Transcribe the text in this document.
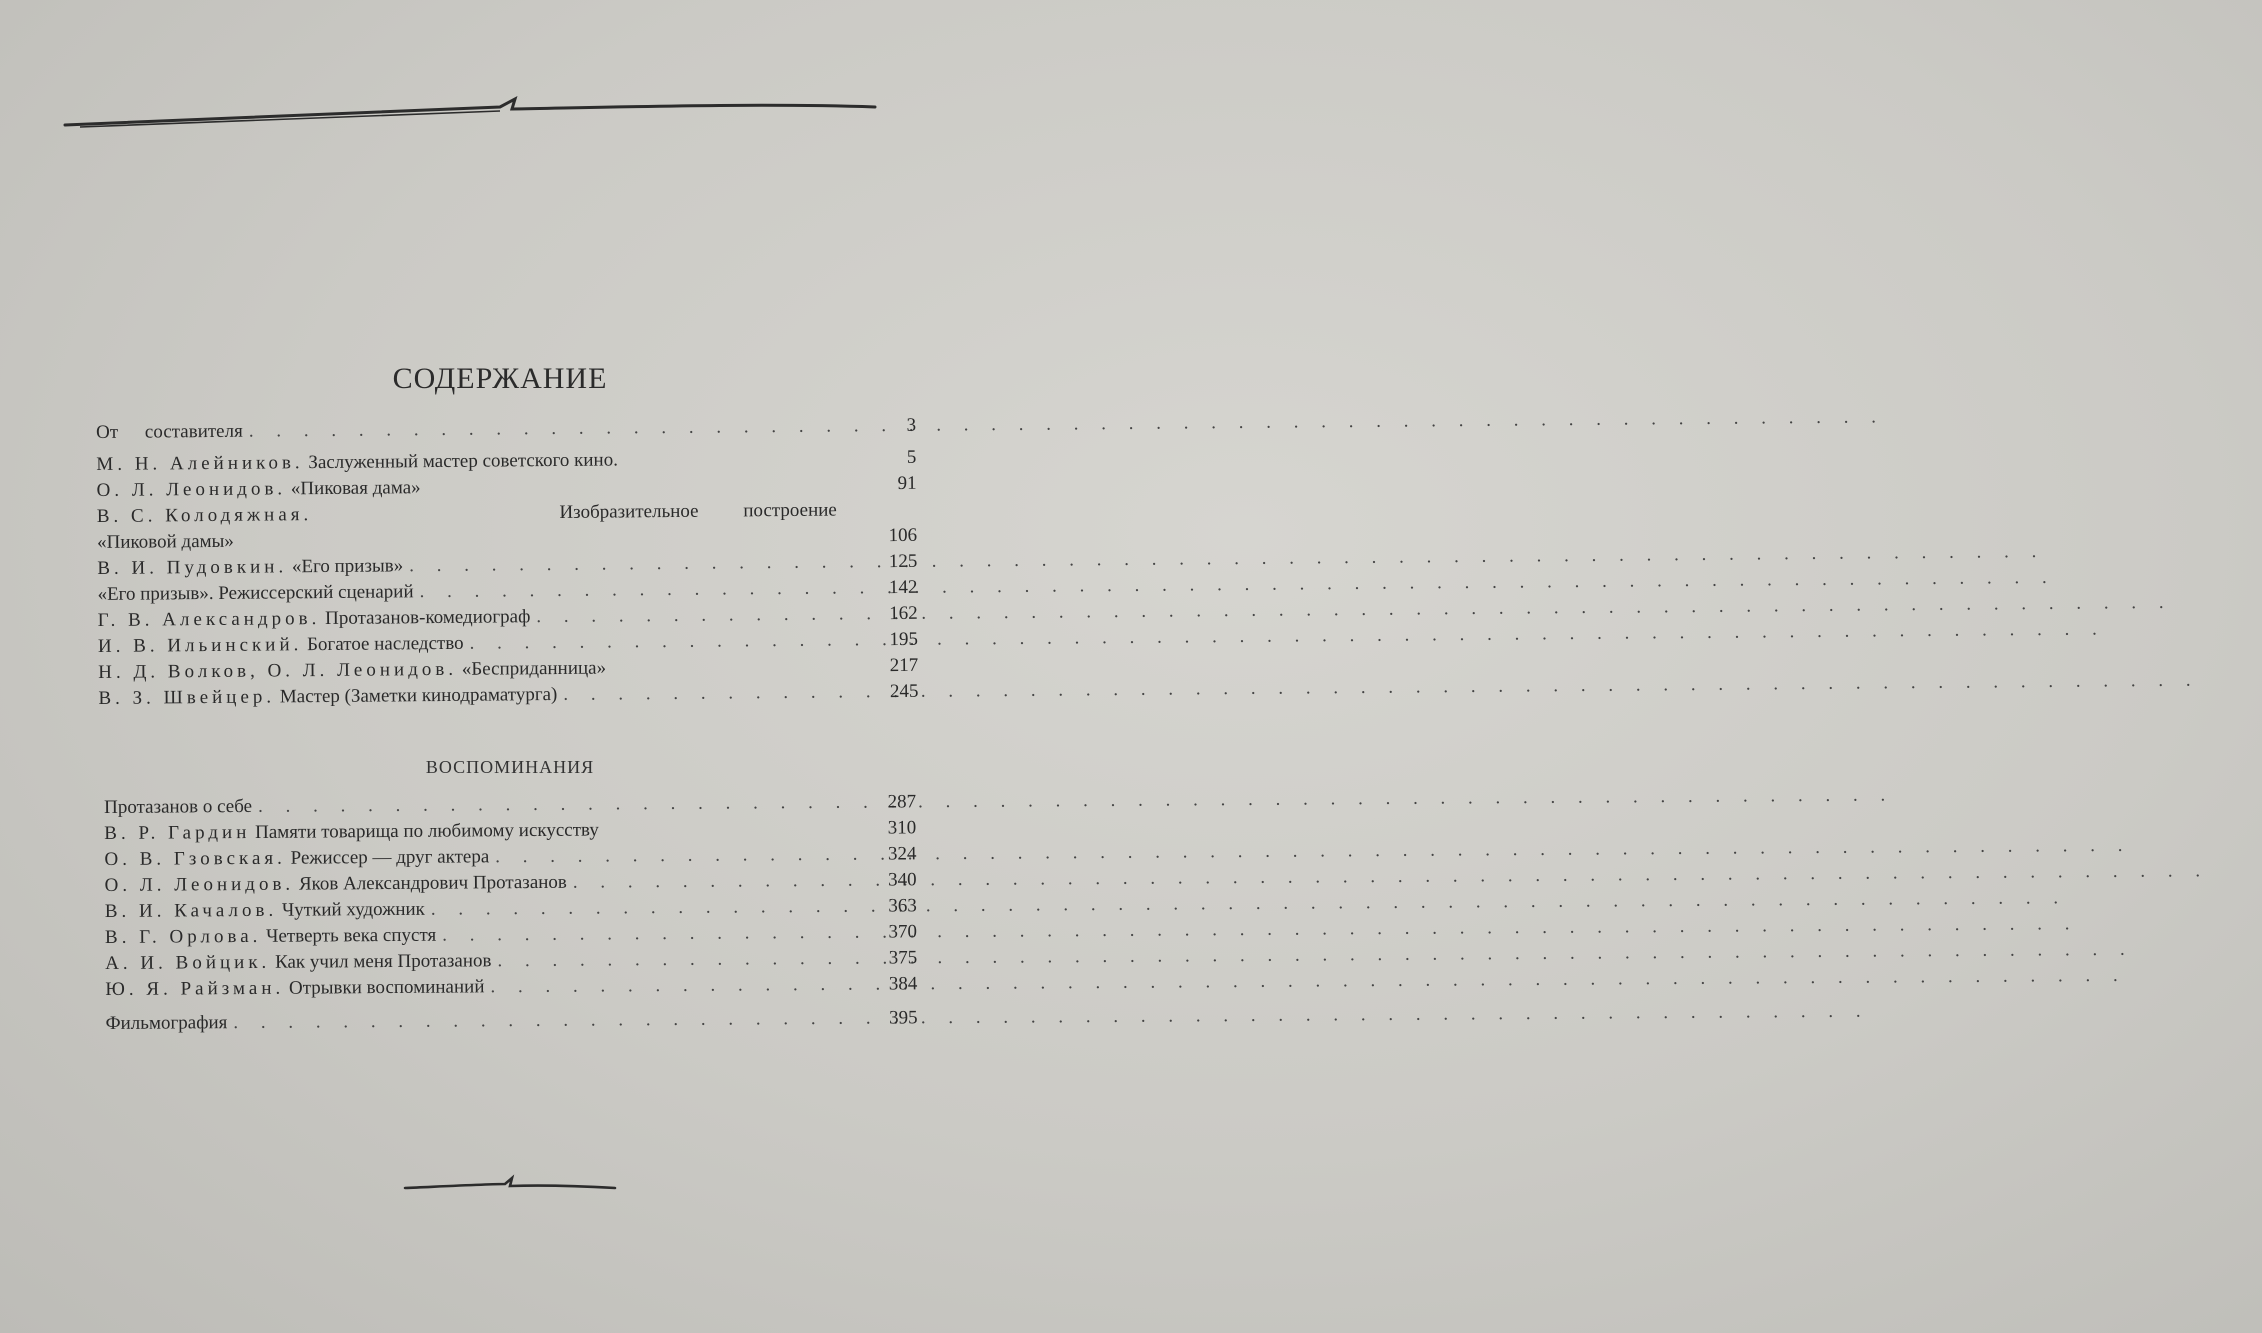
СОДЕРЖАНИЕ
От составителя . . .	3
М. Н. Алейников. Заслуженный мастер советского кино.	5
О. Л. Леонидов. «Пиковая дама»	91
В. С. Колодяжная.	Изобразительное построение
«Пиковой дамы»	106
В. И. Пудовкин. «Его призыв» . . .	125
«Его призыв». Режиссерский сценарий . . .	142
Г. В. Александров. Протазанов-комедиограф . . .	162
И. В. Ильинский. Богатое наследство . . .	195
Н. Д. Волков, О. Л. Леонидов. «Бесприданница»	217
В. З. Швейцер. Мастер (Заметки кинодраматурга) . . .	245
ВОСПОМИНАНИЯ
Протазанов о себе . . .	287
В. Р. Гардин Памяти товарища по любимому искусству	310
О. В. Гзовская. Режиссер — друг актера . . .	324
О. Л. Леонидов. Яков Александрович Протазанов . . .	340
В. И. Качалов. Чуткий художник . . .	363
В. Г. Орлова. Четверть века спустя . . .	370
А. И. Войцик. Как учил меня Протазанов . . .	375
Ю. Я. Райзман. Отрывки воспоминаний . . .	384
Фильмография . . .	395
